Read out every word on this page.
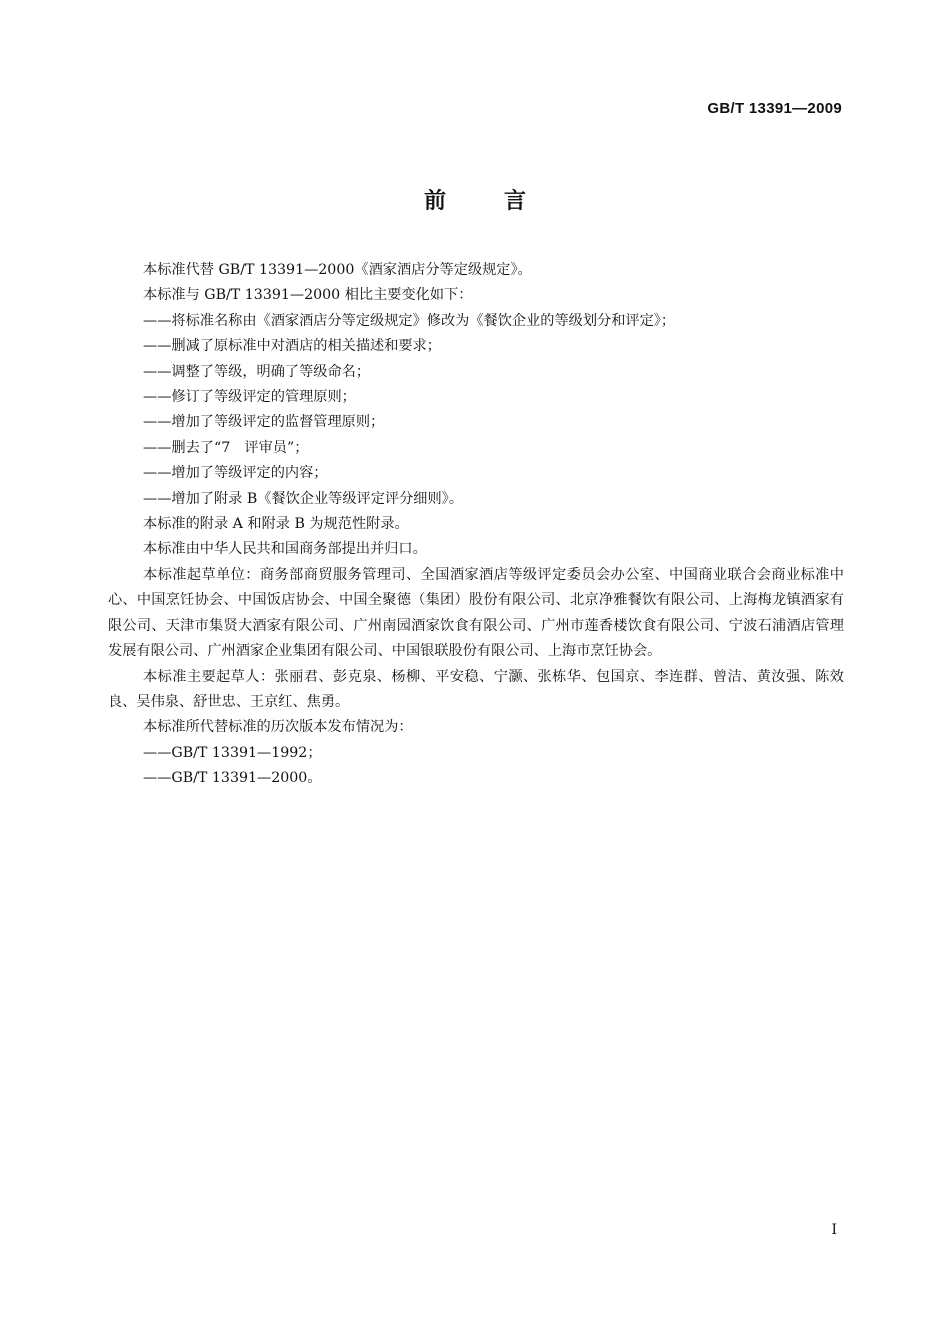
GB/T 13391—2009
前言

本标准代替 GB/T 13391—2000《酒家酒店分等定级规定》。

本标准与 GB/T 13391—2000 相比主要变化如下：

——将标准名称由《酒家酒店分等定级规定》修改为《餐饮企业的等级划分和评定》；

——删减了原标准中对酒店的相关描述和要求；

——调整了等级，明确了等级命名；

——修订了等级评定的管理原则；

——增加了等级评定的监督管理原则；

——删去了“7　评审员”；

——增加了等级评定的内容；

——增加了附录 B《餐饮企业等级评定评分细则》。

本标准的附录 A 和附录 B 为规范性附录。

本标准由中华人民共和国商务部提出并归口。

本标准起草单位：商务部商贸服务管理司、全国酒家酒店等级评定委员会办公室、中国商业联合会商业标准中心、中国烹饪协会、中国饭店协会、中国全聚德（集团）股份有限公司、北京净雅餐饮有限公司、上海梅龙镇酒家有限公司、天津市集贤大酒家有限公司、广州南园酒家饮食有限公司、广州市莲香楼饮食有限公司、宁波石浦酒店管理发展有限公司、广州酒家企业集团有限公司、中国银联股份有限公司、上海市烹饪协会。

本标准主要起草人：张丽君、彭克泉、杨柳、平安稳、宁灏、张栋华、包国京、李连群、曾洁、黄汝强、陈效良、吴伟泉、舒世忠、王京红、焦勇。

本标准所代替标准的历次版本发布情况为：

——GB/T 13391—1992；

——GB/T 13391—2000。

I
